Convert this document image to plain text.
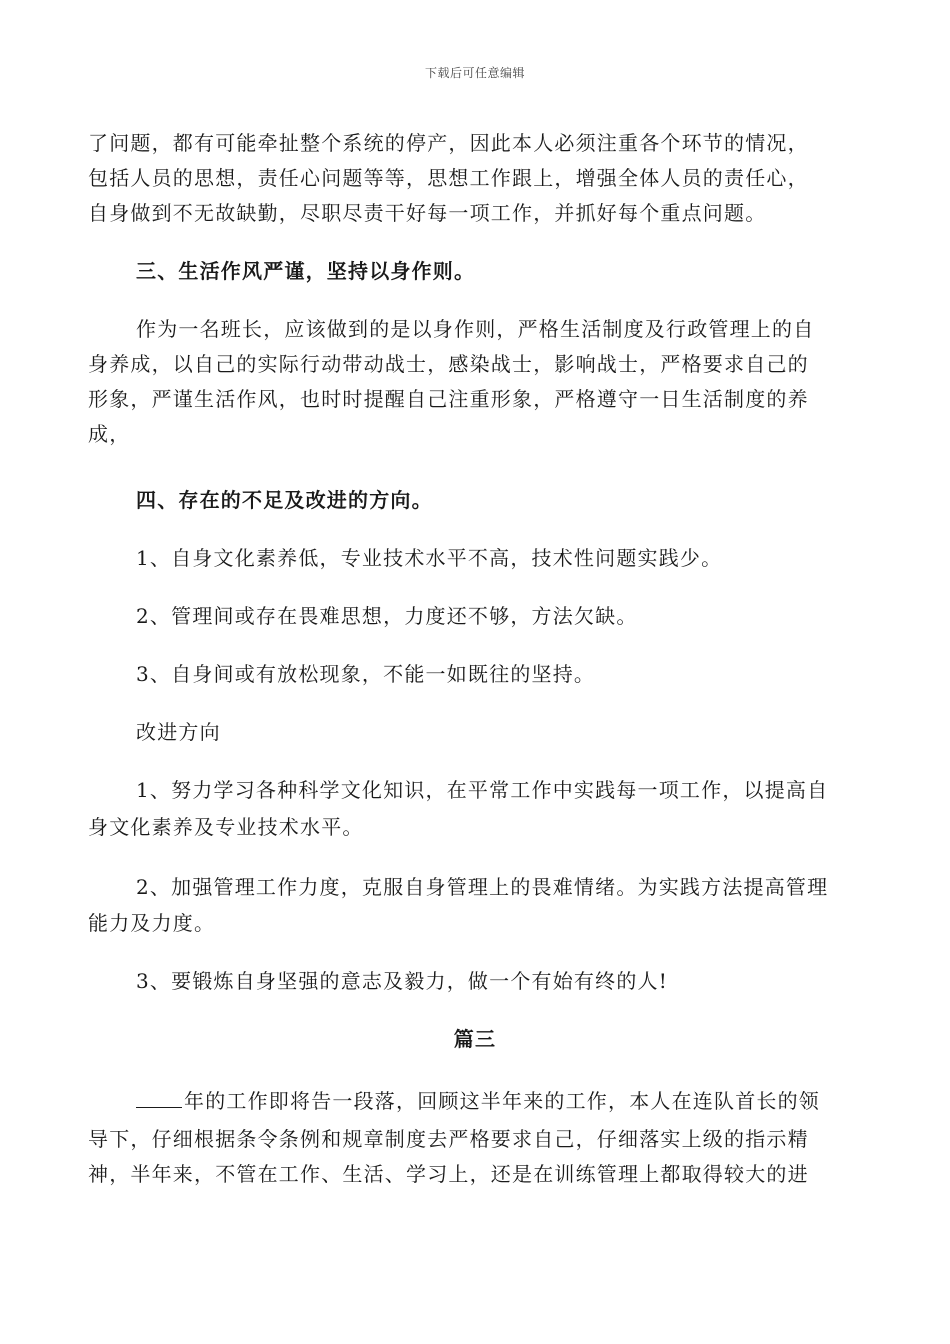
下载后可任意编辑
了问题，都有可能牵扯整个系统的停产，因此本人必须注重各个环节的情况，
包括人员的思想，责任心问题等等，思想工作跟上，增强全体人员的责任心，
自身做到不无故缺勤，尽职尽责干好每一项工作，并抓好每个重点问题。
三、生活作风严谨，坚持以身作则。
作为一名班长，应该做到的是以身作则，严格生活制度及行政管理上的自
身养成，以自己的实际行动带动战士，感染战士，影响战士，严格要求自己的
形象，严谨生活作风，也时时提醒自己注重形象，严格遵守一日生活制度的养
成，
四、存在的不足及改进的方向。
1、自身文化素养低，专业技术水平不高，技术性问题实践少。
2、管理间或存在畏难思想，力度还不够，方法欠缺。
3、自身间或有放松现象，不能一如既往的坚持。
改进方向
1、努力学习各种科学文化知识，在平常工作中实践每一项工作，以提高自
身文化素养及专业技术水平。
2、加强管理工作力度，克服自身管理上的畏难情绪。为实践方法提高管理
能力及力度。
3、要锻炼自身坚强的意志及毅力，做一个有始有终的人!
篇三
年的工作即将告一段落，回顾这半年来的工作，本人在连队首长的领
导下，仔细根据条令条例和规章制度去严格要求自己，仔细落实上级的指示精
神，半年来，不管在工作、生活、学习上，还是在训练管理上都取得较大的进
